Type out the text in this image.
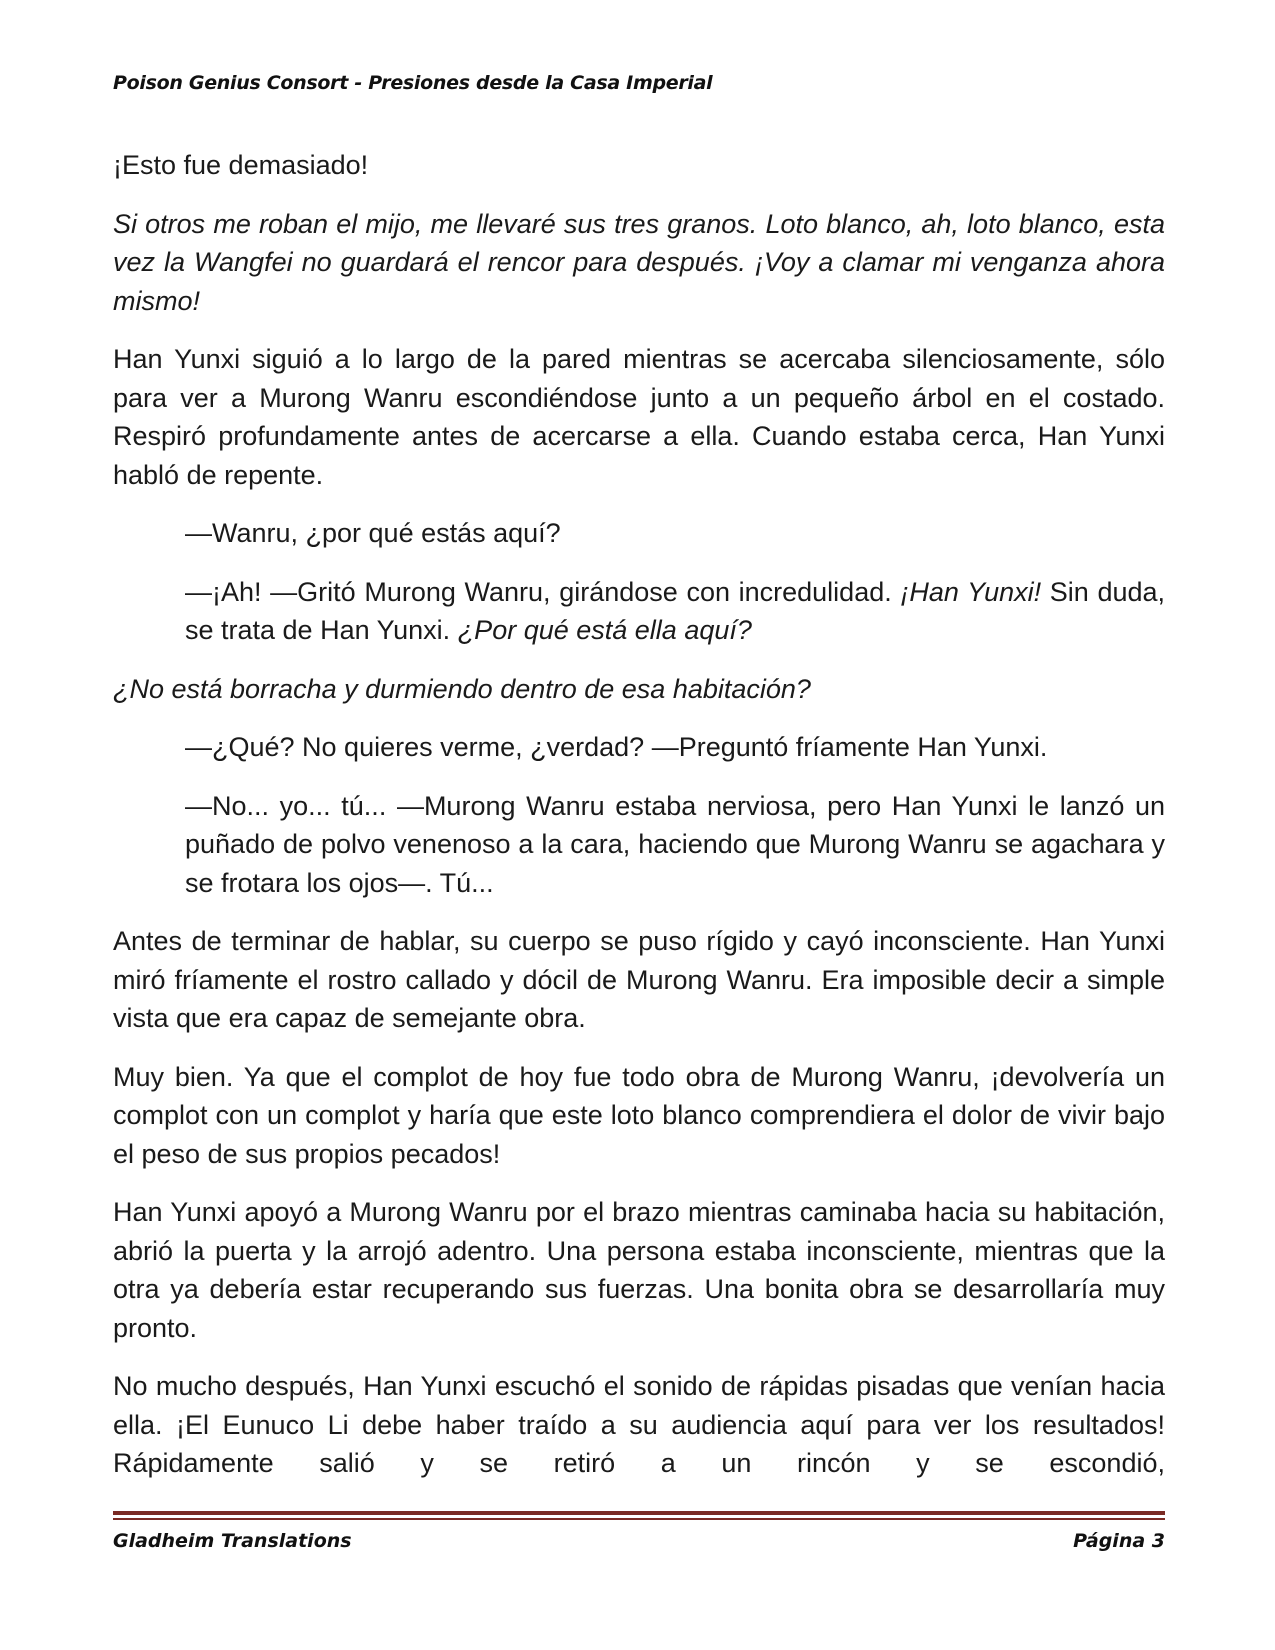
Poison Genius Consort - Presiones desde la Casa Imperial

¡Esto fue demasiado!

Si otros me roban el mijo, me llevaré sus tres granos. Loto blanco, ah, loto blanco, esta vez la Wangfei no guardará el rencor para después. ¡Voy a clamar mi venganza ahora mismo!

Han Yunxi siguió a lo largo de la pared mientras se acercaba silenciosamente, sólo para ver a Murong Wanru escondiéndose junto a un pequeño árbol en el costado. Respiró profundamente antes de acercarse a ella. Cuando estaba cerca, Han Yunxi habló de repente.

—Wanru, ¿por qué estás aquí?

—¡Ah! —Gritó Murong Wanru, girándose con incredulidad. ¡Han Yunxi! Sin duda, se trata de Han Yunxi. ¿Por qué está ella aquí?

¿No está borracha y durmiendo dentro de esa habitación?

—¿Qué? No quieres verme, ¿verdad? —Preguntó fríamente Han Yunxi.

—No... yo... tú... —Murong Wanru estaba nerviosa, pero Han Yunxi le lanzó un puñado de polvo venenoso a la cara, haciendo que Murong Wanru se agachara y se frotara los ojos—. Tú...

Antes de terminar de hablar, su cuerpo se puso rígido y cayó inconsciente. Han Yunxi miró fríamente el rostro callado y dócil de Murong Wanru. Era imposible decir a simple vista que era capaz de semejante obra.

Muy bien. Ya que el complot de hoy fue todo obra de Murong Wanru, ¡devolvería un complot con un complot y haría que este loto blanco comprendiera el dolor de vivir bajo el peso de sus propios pecados!

Han Yunxi apoyó a Murong Wanru por el brazo mientras caminaba hacia su habitación, abrió la puerta y la arrojó adentro. Una persona estaba inconsciente, mientras que la otra ya debería estar recuperando sus fuerzas. Una bonita obra se desarrollaría muy pronto.

No mucho después, Han Yunxi escuchó el sonido de rápidas pisadas que venían hacia ella. ¡El Eunuco Li debe haber traído a su audiencia aquí para ver los resultados! Rápidamente salió y se retiró a un rincón y se escondió,

Gladheim Translations	Página 3
